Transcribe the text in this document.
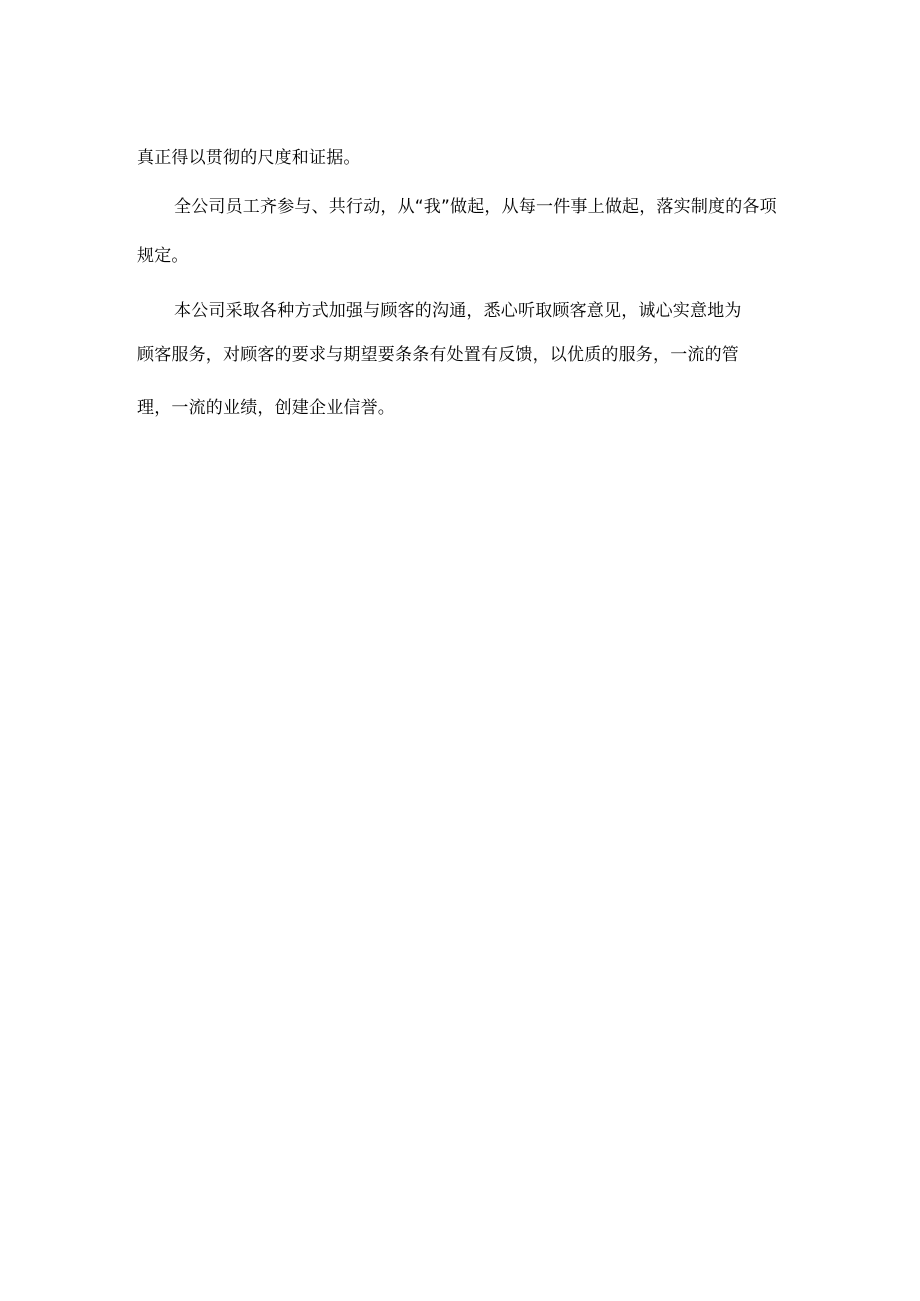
真正得以贯彻的尺度和证据。
全公司员工齐参与、共行动，从“我”做起，从每一件事上做起，落实制度的各项
规定。
本公司采取各种方式加强与顾客的沟通，悉心听取顾客意见，诚心实意地为
顾客服务，对顾客的要求与期望要条条有处置有反馈，以优质的服务，一流的管
理，一流的业绩，创建企业信誉。
